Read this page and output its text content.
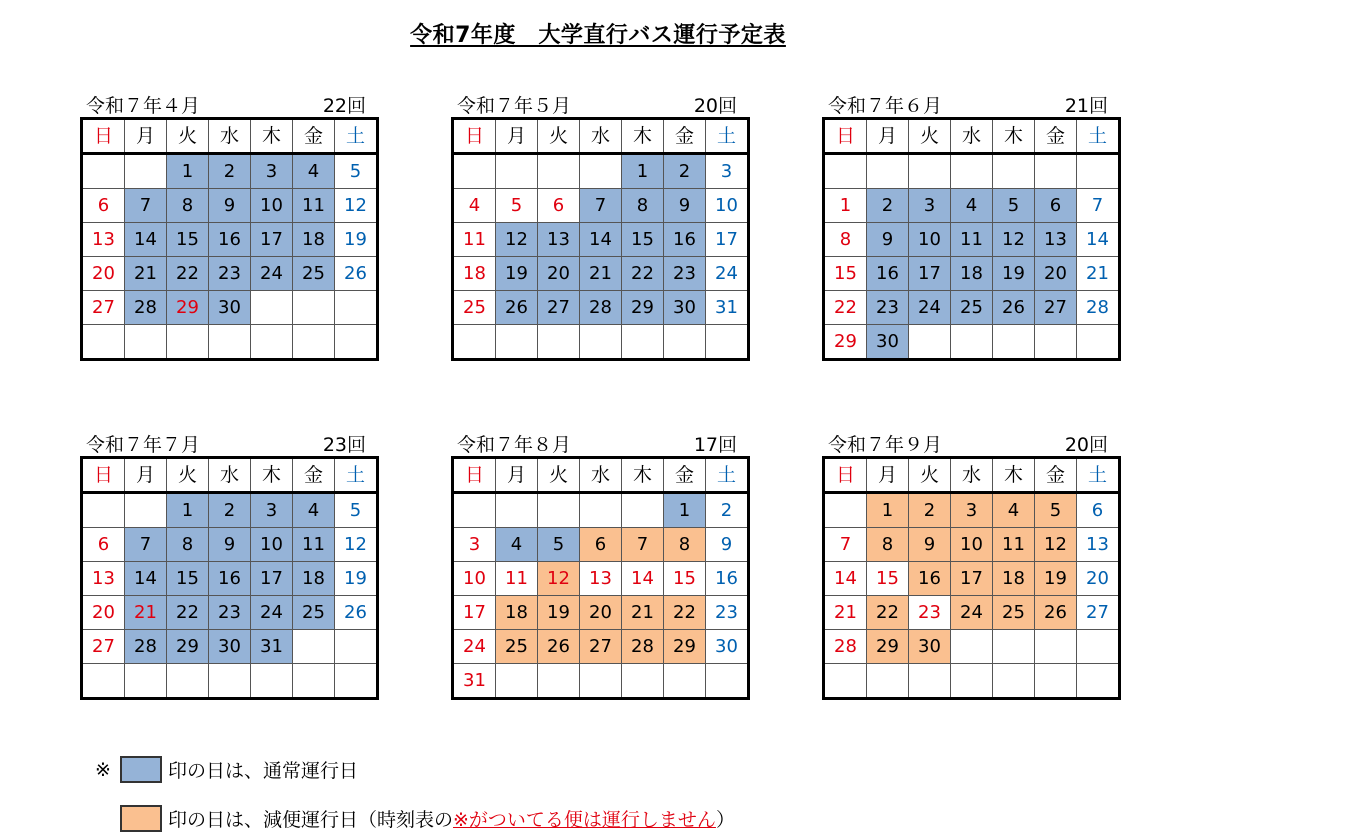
令和7年度　大学直行バス運行予定表
令和７年４月	22回
日	月	火	水	木	金	土
		1	2	3	4	5
6	7	8	9	10	11	12
13	14	15	16	17	18	19
20	21	22	23	24	25	26
27	28	29	30			

令和７年５月	20回
日	月	火	水	木	金	土
				1	2	3
4	5	6	7	8	9	10
11	12	13	14	15	16	17
18	19	20	21	22	23	24
25	26	27	28	29	30	31

令和７年６月	21回
日	月	火	水	木	金	土

1	2	3	4	5	6	7
8	9	10	11	12	13	14
15	16	17	18	19	20	21
22	23	24	25	26	27	28
29	30					
令和７年７月	23回
日	月	火	水	木	金	土
		1	2	3	4	5
6	7	8	9	10	11	12
13	14	15	16	17	18	19
20	21	22	23	24	25	26
27	28	29	30	31		

令和７年８月	17回
日	月	火	水	木	金	土
					1	2
3	4	5	6	7	8	9
10	11	12	13	14	15	16
17	18	19	20	21	22	23
24	25	26	27	28	29	30
31						
令和７年９月	20回
日	月	火	水	木	金	土
	1	2	3	4	5	6
7	8	9	10	11	12	13
14	15	16	17	18	19	20
21	22	23	24	25	26	27
28	29	30				

※	印の日は、通常運行日
印の日は、減便運行日（時刻表の ※がついてる便は運行しません ）
